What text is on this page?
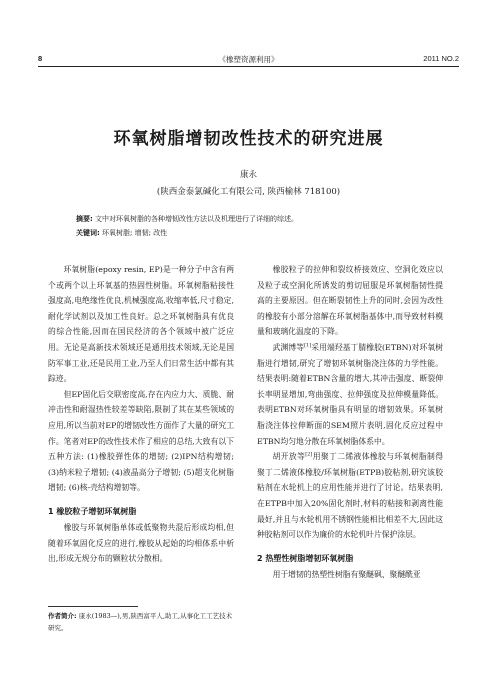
8	《橡塑资源利用》	2011 NO.2
环氧树脂增韧改性技术的研究进展
康永
(陕西金泰氯碱化工有限公司, 陕西榆林 718100)
摘要: 文中对环氧树脂的各种增韧改性方法以及机理进行了详细的综述。
关键词: 环氧树脂; 增韧; 改性

环氧树脂(epoxy resin, EP)是一种分子中含有两个或两个以上环氧基的热固性树脂。环氧树脂粘接性强度高,电绝缘性优良,机械强度高,收缩率低,尺寸稳定,耐化学试剂以及加工性良好。总之环氧树脂具有优良的综合性能,因而在国民经济的各个领域中被广泛应用。无论是高新技术领域还是通用技术领域,无论是国防军事工业,还是民用工业,乃至人们日常生活中都有其踪迹。

但EP固化后交联密度高,存在内应力大、质脆、耐冲击性和耐湿热性较差等缺陷,限制了其在某些领域的应用,所以当前对EP的增韧改性方面作了大量的研究工作。笔者对EP的改性技术作了相应的总结,大致有以下五种方法: (1)橡胶弹性体的增韧; (2)IPN结构增韧; (3)纳米粒子增韧; (4)液晶高分子增韧; (5)超支化树脂增韧; (6)核-壳结构增韧等。

1 橡胶粒子增韧环氧树脂

橡胶与环氧树脂单体或低聚物共混后形成均相,但随着环氧固化反应的进行,橡胶从起始的均相体系中析出,形成无规分布的颗粒状分散相。

橡胶粒子的拉伸和裂纹桥接效应、空洞化效应以及粒子或空洞化所诱发的剪切屈服是环氧树脂韧性提高的主要原因。但在断裂韧性上升的同时,会因为改性的橡胶有小部分溶解在环氧树脂基体中,而导致材料模量和玻璃化温度的下降。

武渊博等[1]采用端羟基丁腈橡胶(ETBN)对环氧树脂进行增韧,研究了增韧环氧树脂浇注体的力学性能。结果表明:随着ETBN含量的增大,其冲击强度、断裂伸长率明显增加,弯曲强度、拉伸强度及拉伸模量降低。表明ETBN对环氧树脂具有明显的增韧效果。环氧树脂浇注体拉伸断面的SEM照片表明,固化反应过程中ETBN均匀地分散在环氧树脂体系中。

胡开放等[2]用聚丁二烯液体橡胶与环氧树脂制得聚丁二烯液体橡胶/环氧树脂(ETPB)胶粘剂,研究该胶粘剂在水轮机上的应用性能并进行了讨论。结果表明,在ETPB中加入20%固化剂时,材料的粘接和剥离性能最好,并且与水轮机用不锈钢性能相比相差不大,因此这种胶粘剂可以作为廉价的水轮机叶片保护涂层。

2 热塑性树脂增韧环氧树脂

用于增韧的热塑性树脂有聚醚砜、聚醚酰亚

作者简介: 康永(1983—),男,陕西富平人,助工,从事化工工艺技术研究。
